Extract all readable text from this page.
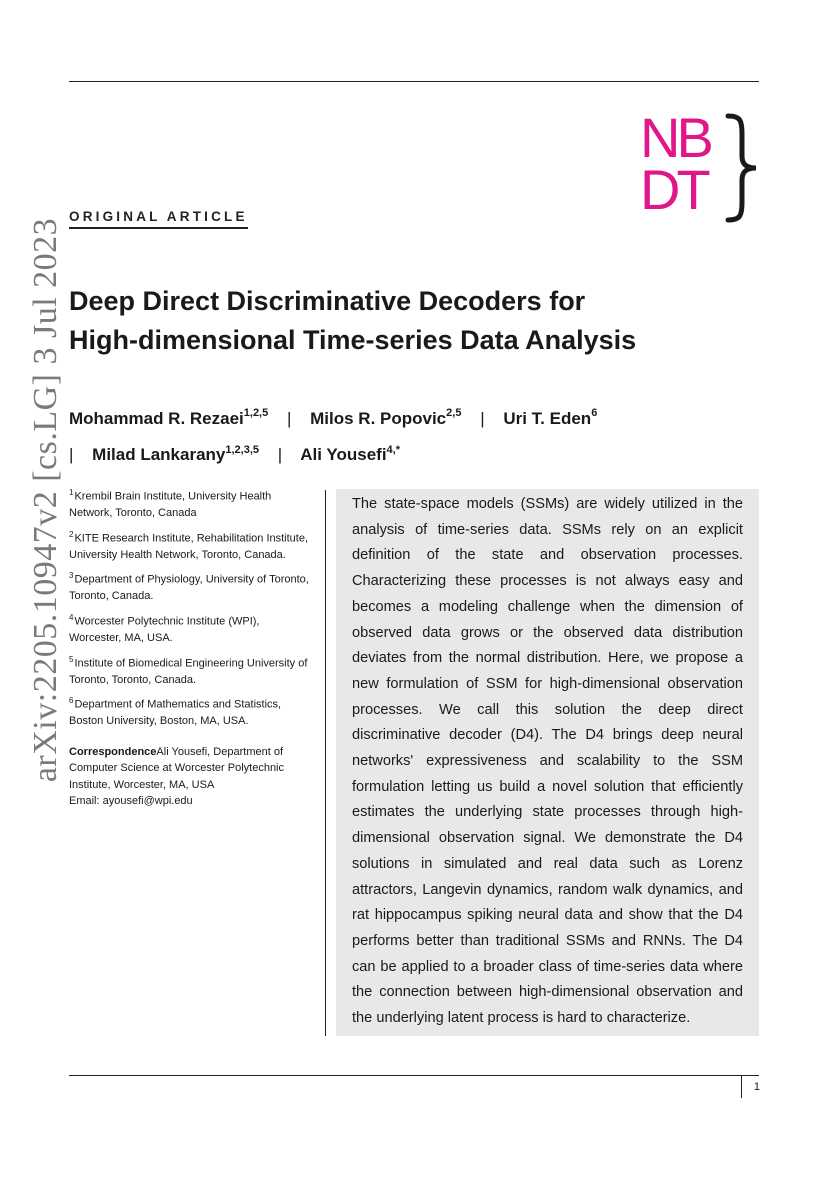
NB
DT
arXiv:2205.10947v2 [cs.LG] 3 Jul 2023
ORIGINAL ARTICLE
Deep Direct Discriminative Decoders for
High-dimensional Time-series Data Analysis
Mohammad R. Rezaei$^{1,2,5}$ | Milos R. Popovic$^{2,5}$ | Uri T. Eden$^6$
| Milad Lankarany$^{1,2,3,5}$ | Ali Yousefi$^{4,*}$
$^1$Krembil Brain Institute, University Health Network, Toronto, Canada
$^2$KITE Research Institute, Rehabilitation Institute, University Health Network, Toronto, Canada.
$^3$Department of Physiology, University of Toronto, Toronto, Canada.
$^4$Worcester Polytechnic Institute (WPI), Worcester, MA, USA.
$^5$Institute of Biomedical Engineering University of Toronto, Toronto, Canada.
$^6$Department of Mathematics and Statistics, Boston University, Boston, MA, USA.
CorrespondenceAli Yousefi, Department of Computer Science at Worcester Polytechnic Institute, Worcester, MA, USA
Email: ayousefi@wpi.edu

The state-space models (SSMs) are widely utilized in the analysis of time-series data. SSMs rely on an explicit definition of the state and observation processes. Characterizing these processes is not always easy and becomes a modeling challenge when the dimension of observed data grows or the observed data distribution deviates from the normal distribution. Here, we propose a new formulation of SSM for high-dimensional observation processes. We call this solution the deep direct discriminative decoder (D4). The D4 brings deep neural networks' expressiveness and scalability to the SSM formulation letting us build a novel solution that efficiently estimates the underlying state processes through high-dimensional observation signal. We demonstrate the D4 solutions in simulated and real data such as Lorenz attractors, Langevin dynamics, random walk dynamics, and rat hippocampus spiking neural data and show that the D4 performs better than traditional SSMs and RNNs. The D4 can be applied to a broader class of time-series data where the connection between high-dimensional observation and the underlying latent process is hard to characterize.

1
